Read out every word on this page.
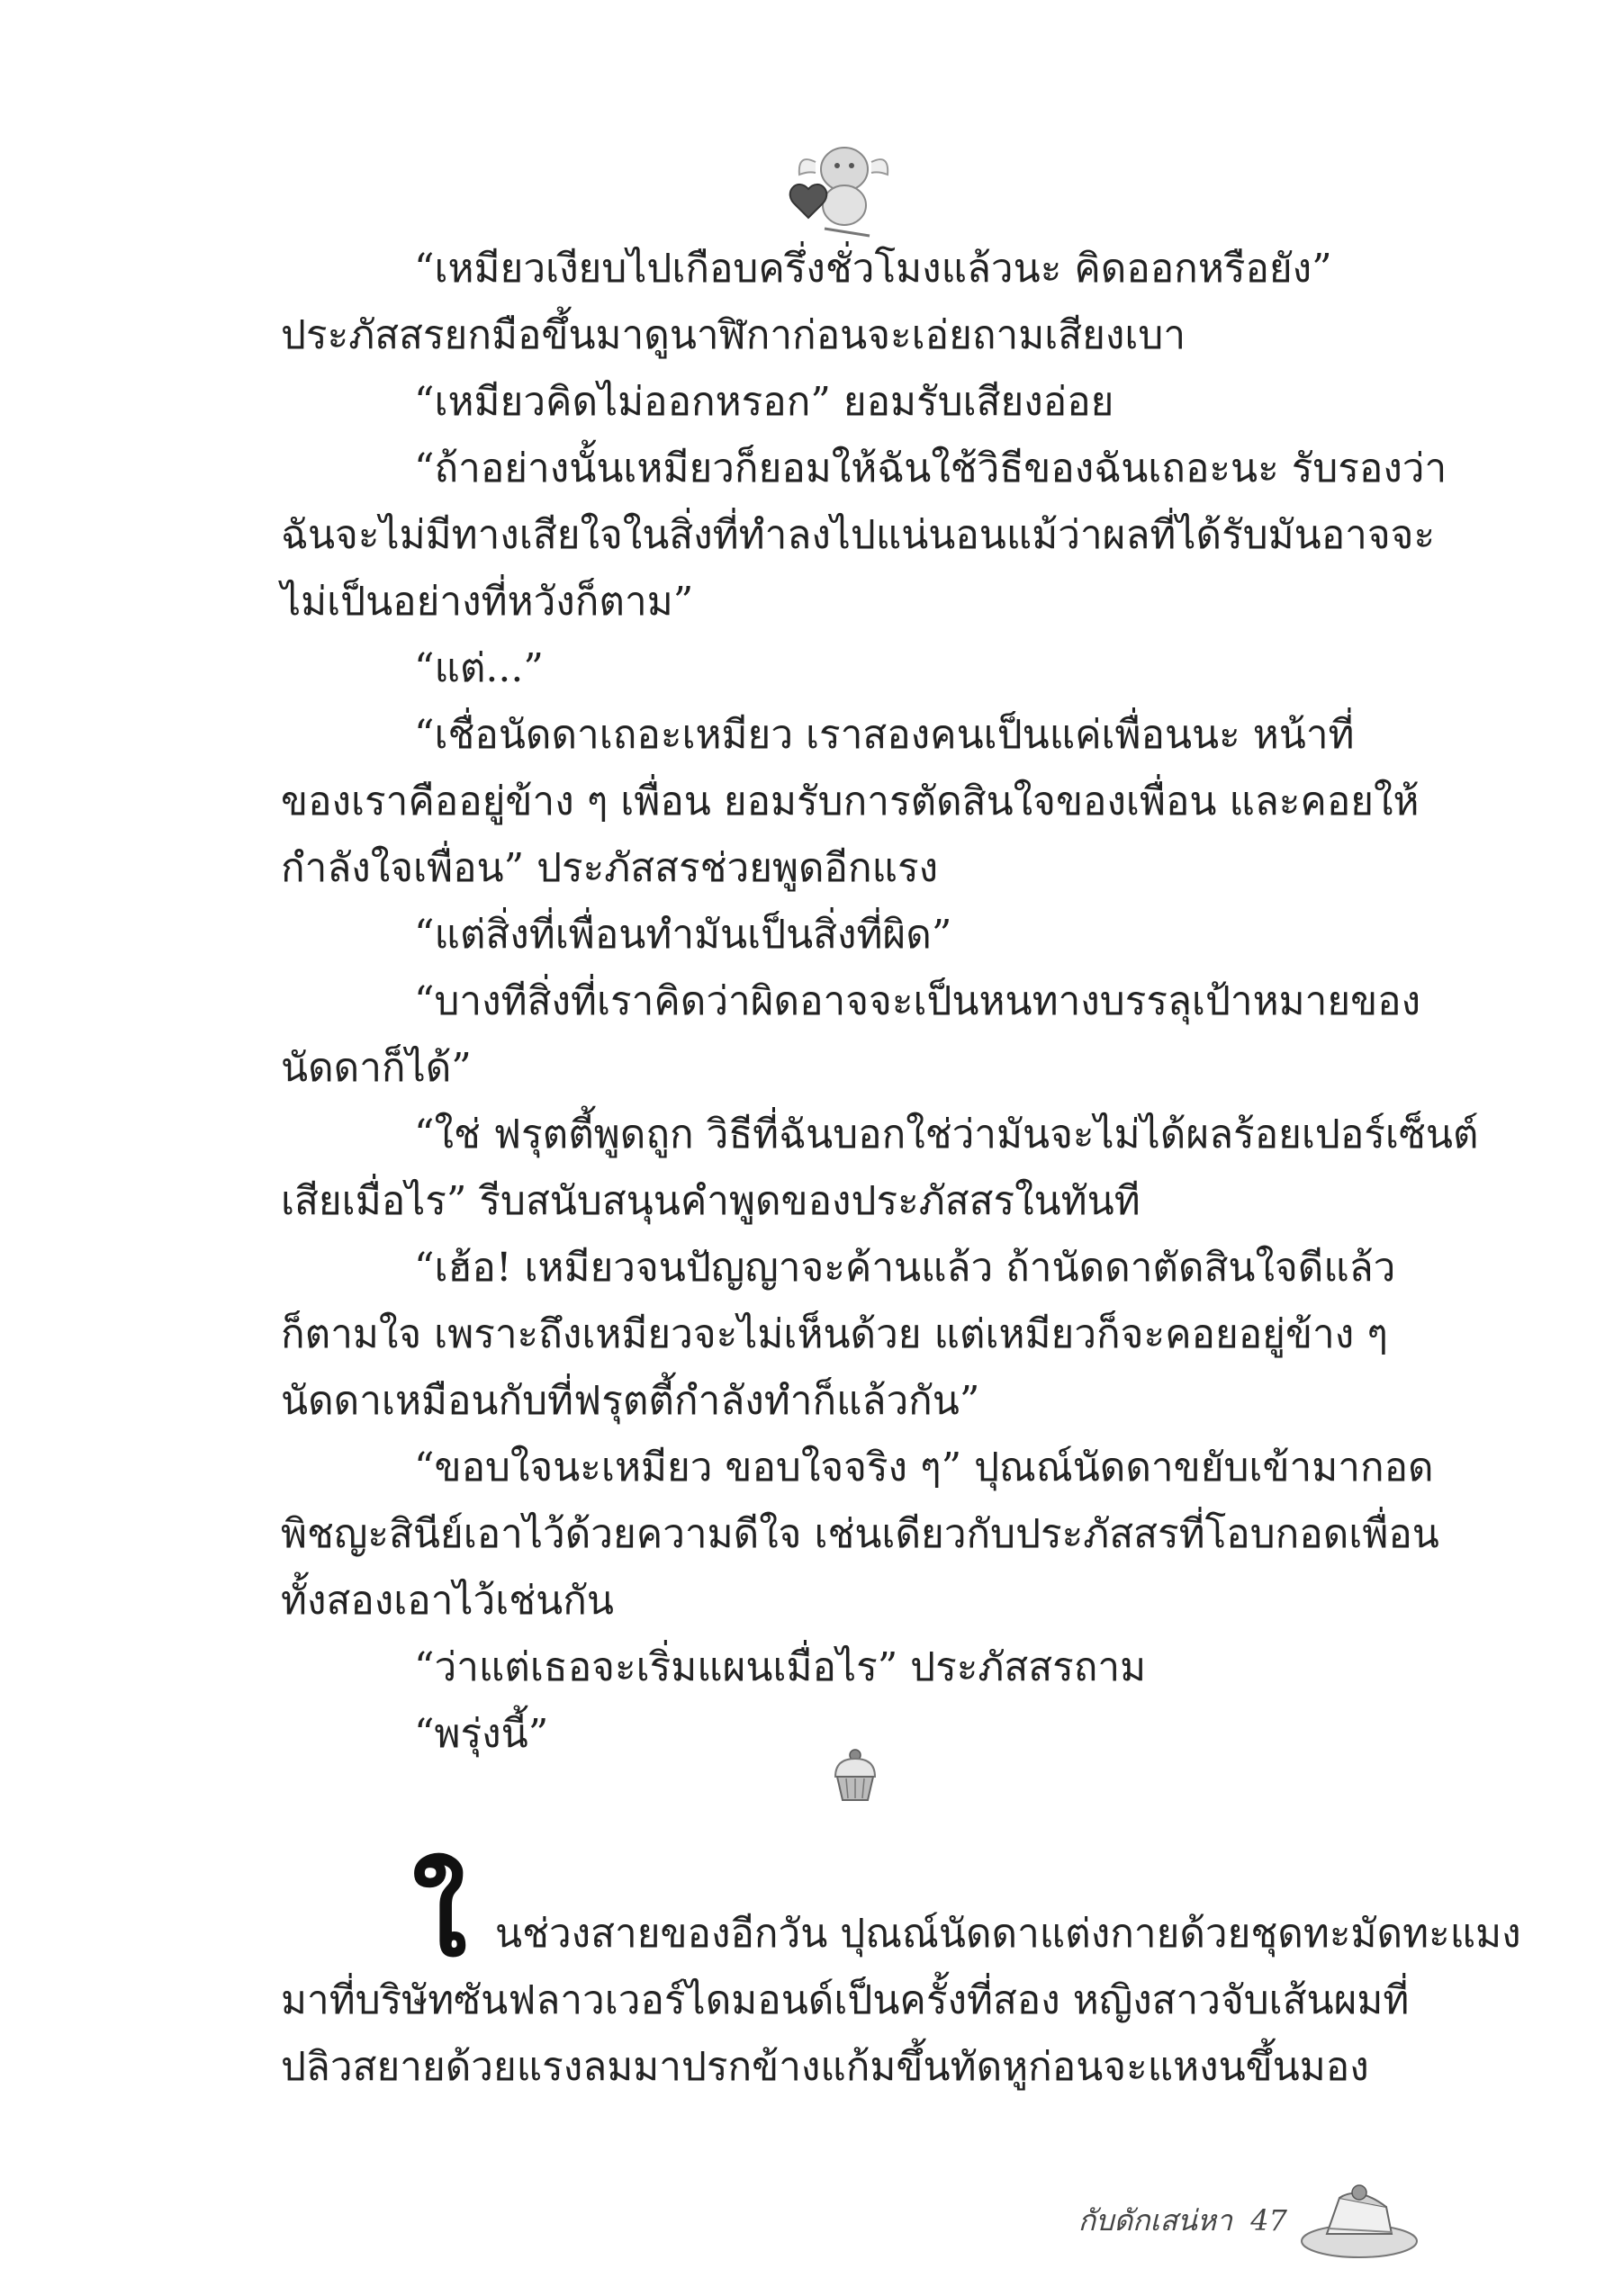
“เหมียวเงียบไปเกือบครึ่งชั่วโมงแล้วนะ คิดออกหรือยัง”
ประภัสสรยกมือขึ้นมาดูนาฬิกาก่อนจะเอ่ยถามเสียงเบา
“เหมียวคิดไม่ออกหรอก” ยอมรับเสียงอ่อย
“ถ้าอย่างนั้นเหมียวก็ยอมให้ฉันใช้วิธีของฉันเถอะนะ รับรองว่า
ฉันจะไม่มีทางเสียใจในสิ่งที่ทำลงไปแน่นอนแม้ว่าผลที่ได้รับมันอาจจะ
ไม่เป็นอย่างที่หวังก็ตาม”
“แต่...”
“เชื่อนัดดาเถอะเหมียว เราสองคนเป็นแค่เพื่อนนะ หน้าที่
ของเราคืออยู่ข้าง ๆ เพื่อน ยอมรับการตัดสินใจของเพื่อน และคอยให้
กำลังใจเพื่อน” ประภัสสรช่วยพูดอีกแรง
“แต่สิ่งที่เพื่อนทำมันเป็นสิ่งที่ผิด”
“บางทีสิ่งที่เราคิดว่าผิดอาจจะเป็นหนทางบรรลุเป้าหมายของ
นัดดาก็ได้”
“ใช่ ฟรุตตี้พูดถูก วิธีที่ฉันบอกใช่ว่ามันจะไม่ได้ผลร้อยเปอร์เซ็นต์
เสียเมื่อไร” รีบสนับสนุนคำพูดของประภัสสรในทันที
“เฮ้อ! เหมียวจนปัญญาจะค้านแล้ว ถ้านัดดาตัดสินใจดีแล้ว
ก็ตามใจ เพราะถึงเหมียวจะไม่เห็นด้วย แต่เหมียวก็จะคอยอยู่ข้าง ๆ
นัดดาเหมือนกับที่ฟรุตตี้กำลังทำก็แล้วกัน”
“ขอบใจนะเหมียว ขอบใจจริง ๆ” ปุณณ์นัดดาขยับเข้ามากอด
พิชญะสินีย์เอาไว้ด้วยความดีใจ เช่นเดียวกับประภัสสรที่โอบกอดเพื่อน
ทั้งสองเอาไว้เช่นกัน
“ว่าแต่เธอจะเริ่มแผนเมื่อไร” ประภัสสรถาม
“พรุ่งนี้”
ใ นช่วงสายของอีกวัน ปุณณ์นัดดาแต่งกายด้วยชุดทะมัดทะแมง
มาที่บริษัทซันฟลาวเวอร์ไดมอนด์เป็นครั้งที่สอง หญิงสาวจับเส้นผมที่
ปลิวสยายด้วยแรงลมมาปรกข้างแก้มขึ้นทัดหูก่อนจะแหงนขึ้นมอง
กับดักเสน่หา 47
